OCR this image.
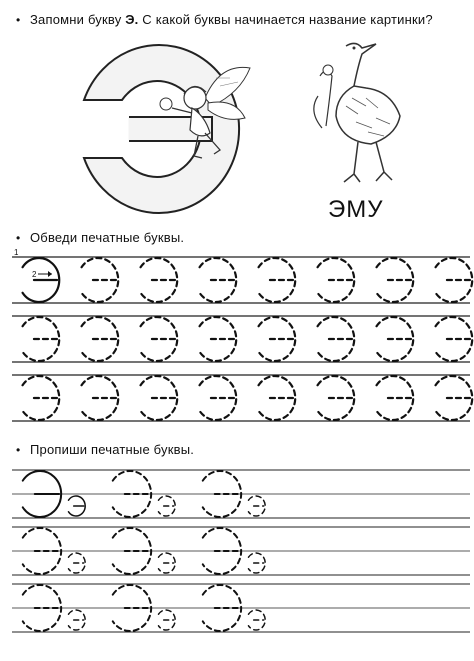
• Запомни букву Э. С какой буквы начинается название картинки?
ЭМУ
• Обведи печатные буквы.
• Пропиши печатные буквы.
1
2
